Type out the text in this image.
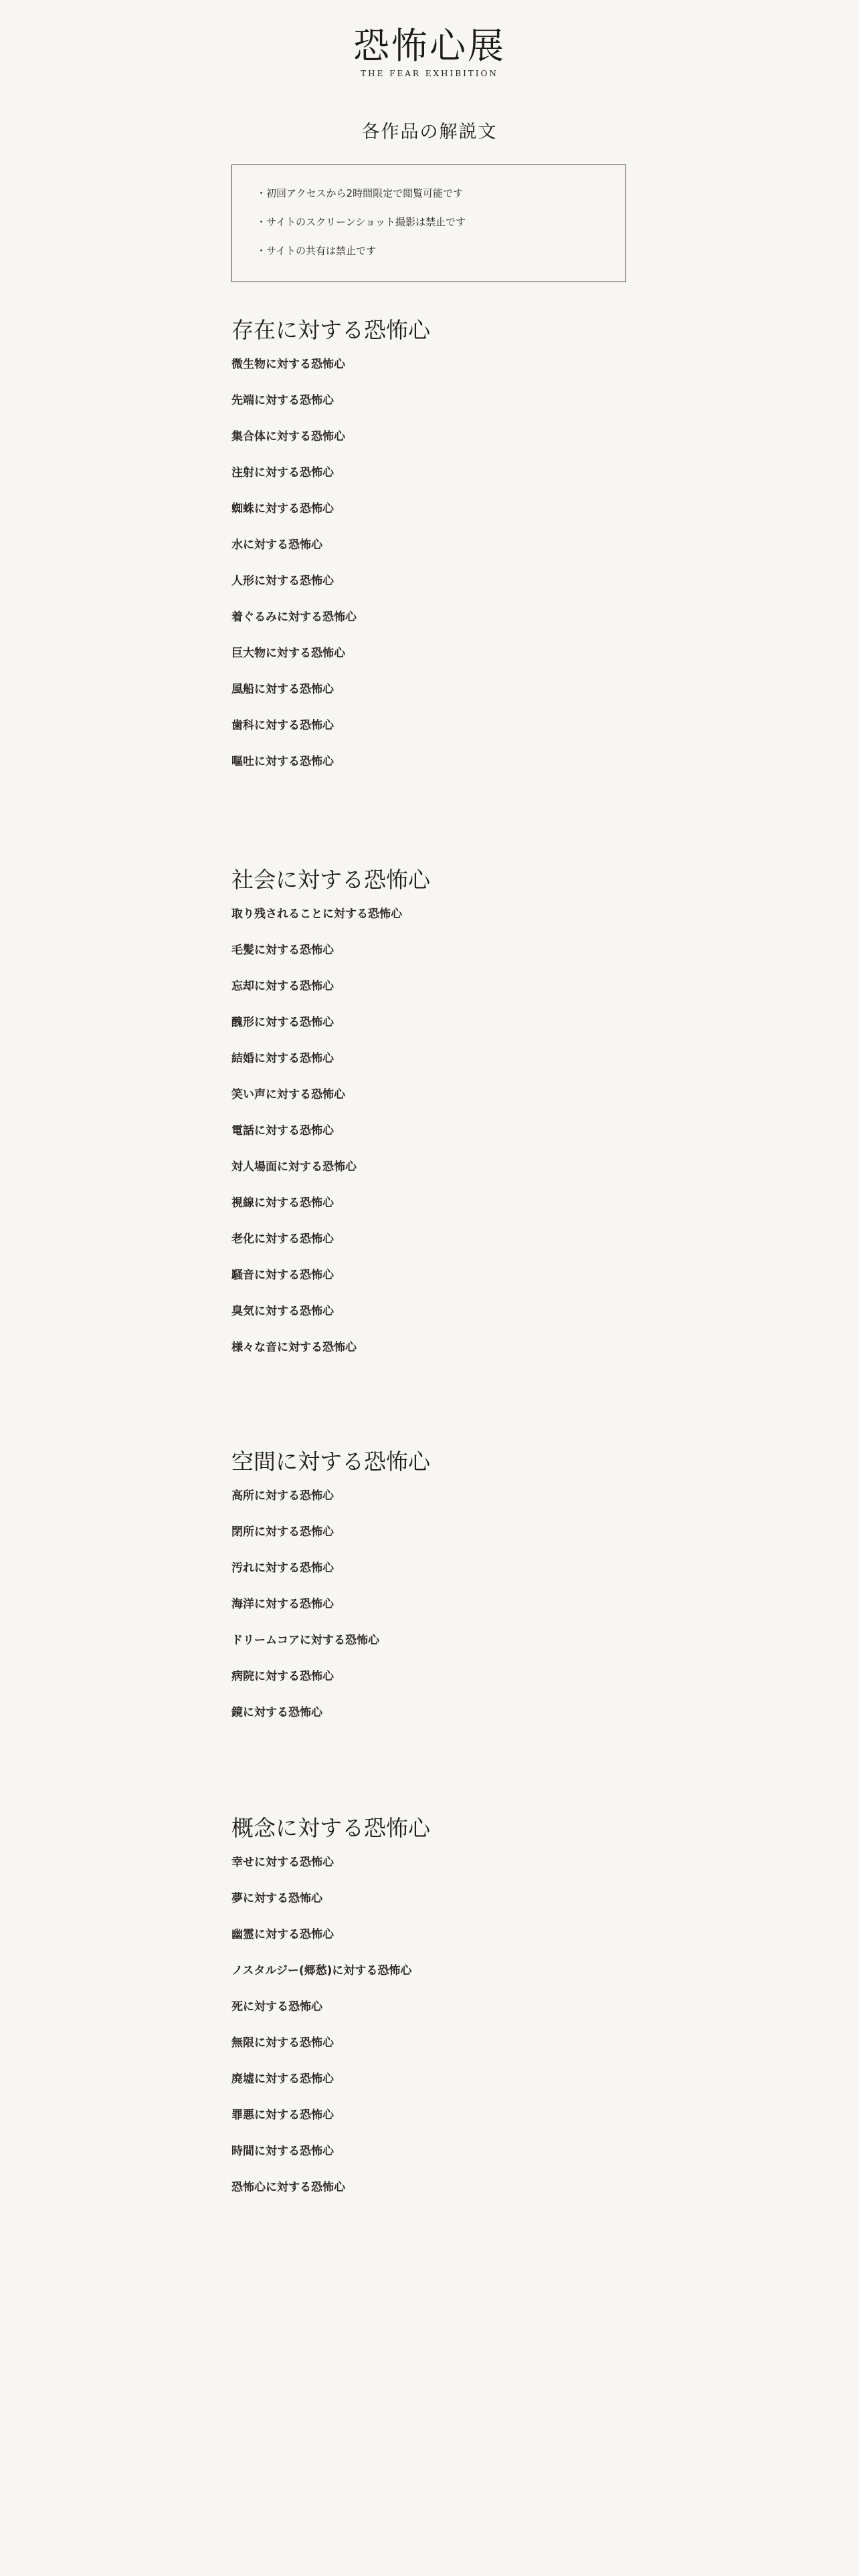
恐怖心展
THE FEAR EXHIBITION
各作品の解説文
・初回アクセスから2時間限定で閲覧可能です
・サイトのスクリーンショット撮影は禁止です
・サイトの共有は禁止です
存在に対する恐怖心
微生物に対する恐怖心
先端に対する恐怖心
集合体に対する恐怖心
注射に対する恐怖心
蜘蛛に対する恐怖心
水に対する恐怖心
人形に対する恐怖心
着ぐるみに対する恐怖心
巨大物に対する恐怖心
風船に対する恐怖心
歯科に対する恐怖心
嘔吐に対する恐怖心
社会に対する恐怖心
取り残されることに対する恐怖心
毛髪に対する恐怖心
忘却に対する恐怖心
醜形に対する恐怖心
結婚に対する恐怖心
笑い声に対する恐怖心
電話に対する恐怖心
対人場面に対する恐怖心
視線に対する恐怖心
老化に対する恐怖心
騒音に対する恐怖心
臭気に対する恐怖心
様々な音に対する恐怖心
空間に対する恐怖心
高所に対する恐怖心
閉所に対する恐怖心
汚れに対する恐怖心
海洋に対する恐怖心
ドリームコアに対する恐怖心
病院に対する恐怖心
鏡に対する恐怖心
概念に対する恐怖心
幸せに対する恐怖心
夢に対する恐怖心
幽霊に対する恐怖心
ノスタルジー(郷愁)に対する恐怖心
死に対する恐怖心
無限に対する恐怖心
廃墟に対する恐怖心
罪悪に対する恐怖心
時間に対する恐怖心
恐怖心に対する恐怖心
